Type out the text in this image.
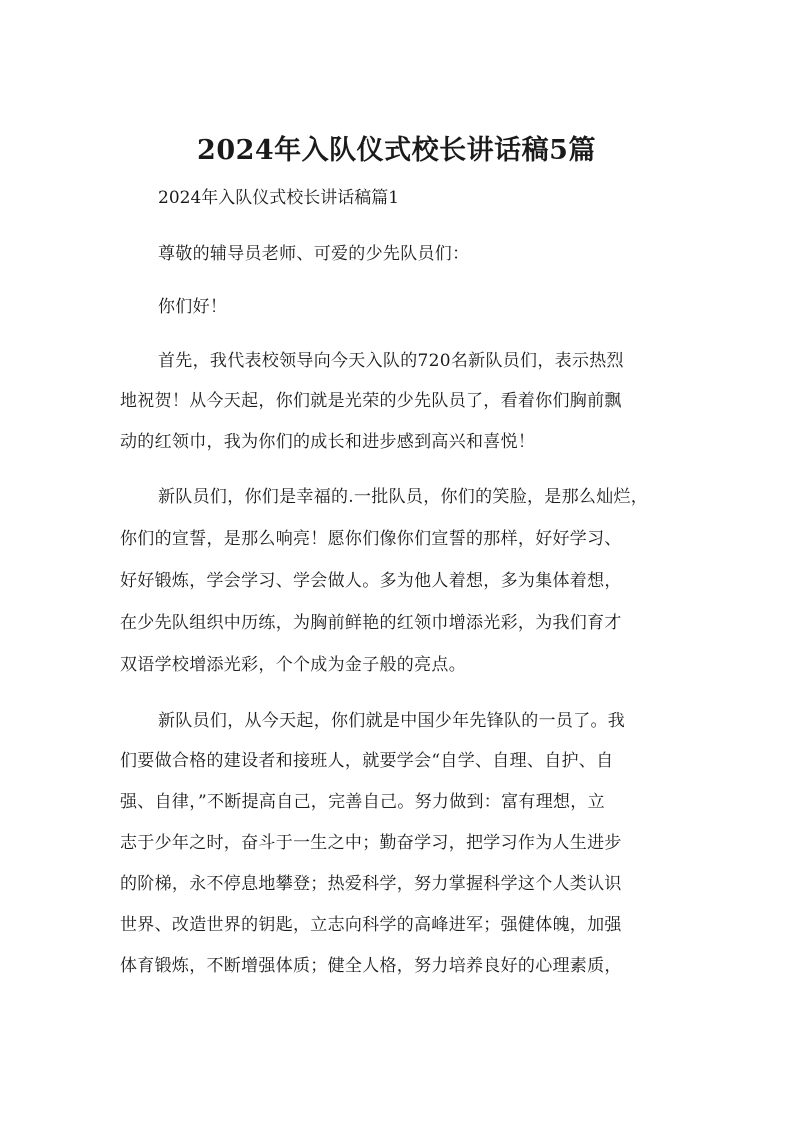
2024年入队仪式校长讲话稿5篇

2024年入队仪式校长讲话稿篇1

尊敬的辅导员老师、可爱的少先队员们：

你们好！

首先，我代表校领导向今天入队的720名新队员们，表示热烈

地祝贺！从今天起，你们就是光荣的少先队员了，看着你们胸前飘

动的红领巾，我为你们的成长和进步感到高兴和喜悦！

新队员们，你们是幸福的.一批队员，你们的笑脸，是那么灿烂，

你们的宣誓，是那么响亮！愿你们像你们宣誓的那样，好好学习、

好好锻炼，学会学习、学会做人。多为他人着想，多为集体着想，

在少先队组织中历练，为胸前鲜艳的红领巾增添光彩，为我们育才

双语学校增添光彩，个个成为金子般的亮点。

新队员们，从今天起，你们就是中国少年先锋队的一员了。我

们要做合格的建设者和接班人，就要学会“自学、自理、自护、自

强、自律，”不断提高自己，完善自己。努力做到：富有理想，立

志于少年之时，奋斗于一生之中；勤奋学习，把学习作为人生进步

的阶梯，永不停息地攀登；热爱科学，努力掌握科学这个人类认识

世界、改造世界的钥匙，立志向科学的高峰进军；强健体魄，加强

体育锻炼，不断增强体质；健全人格，努力培养良好的心理素质，
